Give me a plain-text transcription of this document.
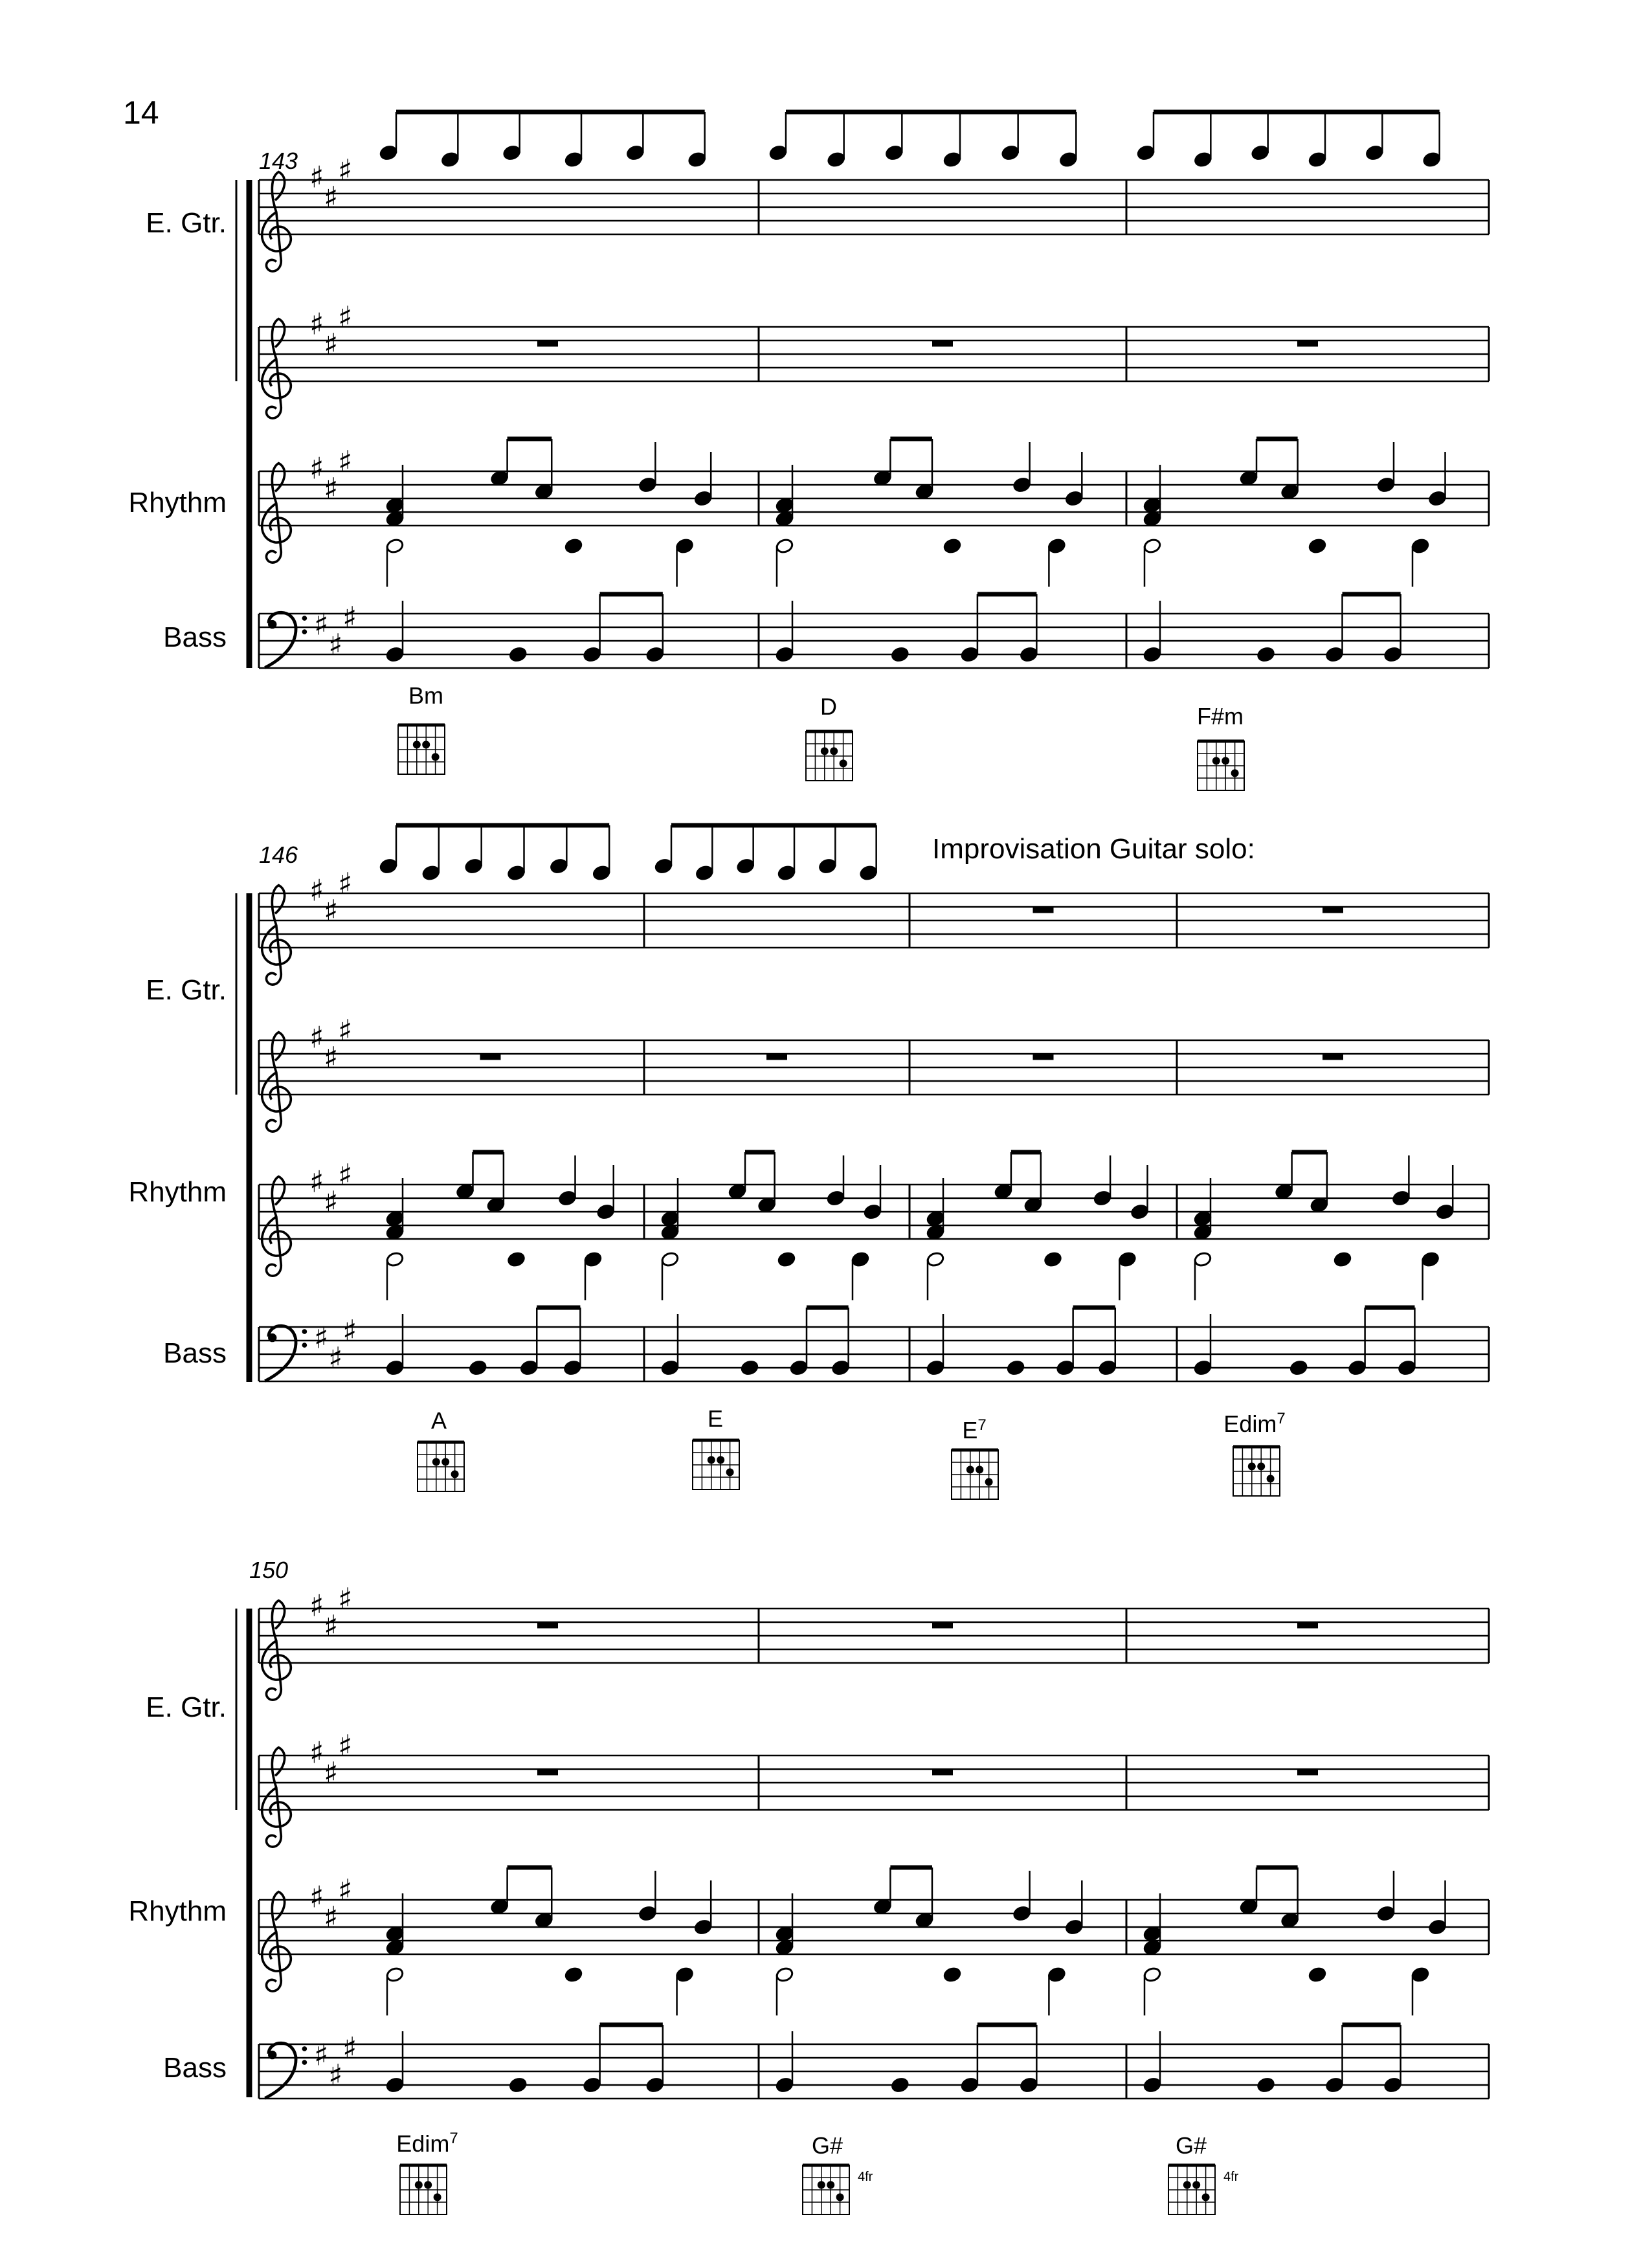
♯
♯
♯
♯
♯
♯
♯
♯
♯
♯
♯
♯
♯
♯
♯
♯
♯
♯
♯
♯
♯
♯
♯
♯
♯
♯
♯
♯
♯
♯
♯
♯
♯
♯
♯
♯
14
Improvisation Guitar solo:
E. Gtr.
Rhythm
Bass
E. Gtr.
Rhythm
Bass
E. Gtr.
Rhythm
Bass
143
146
150
Bm	D	F#m
A	E	$E^7$	Edim$^7$
Edim$^7$	G#	G#
4fr	4fr
